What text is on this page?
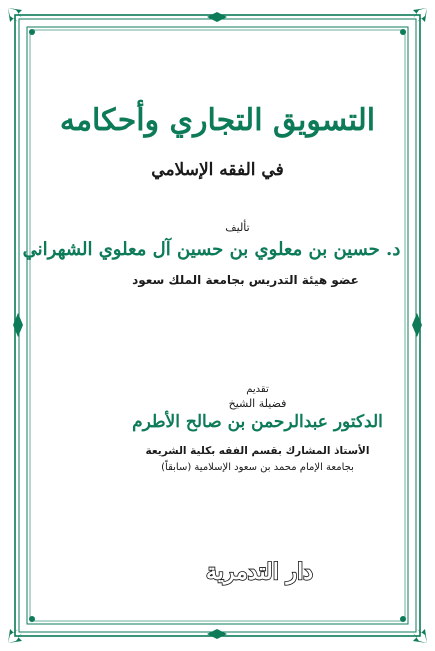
التسويق التجاري وأحكامه
في الفقه الإسلامي
تأليف
د. حسين بن معلوي بن حسين آل معلوي الشهراني
عضو هيئة التدريس بجامعة الملك سعود
تقديم
فضيلة الشيخ
الدكتور عبدالرحمن بن صالح الأطرم
الأستاذ المشارك بقسم الفقه بكلية الشريعة
بجامعة الإمام محمد بن سعود الإسلامية (سابقاً)
دار التدمرية
